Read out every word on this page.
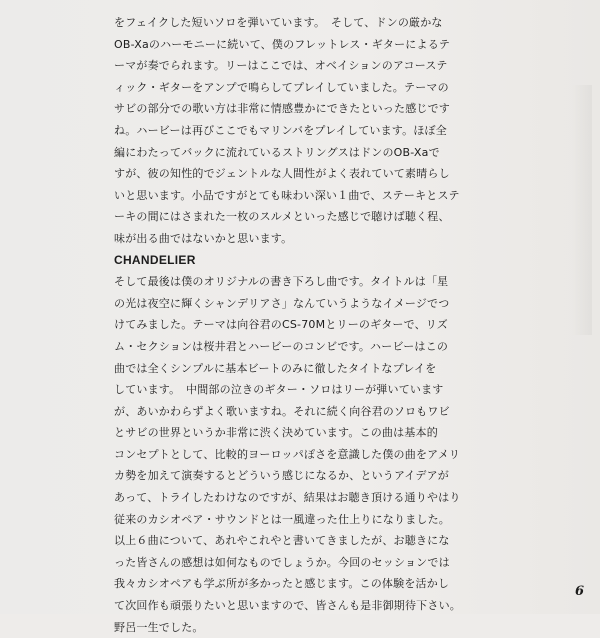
をフェイクした短いソロを弾いています。　そして、ドンの厳かな
OB-Xaのハーモニーに続いて、僕のフレットレス・ギターによるテ
ーマが奏でられます。リーはここでは、オベイションのアコーステ
ィック・ギターをアンプで鳴らしてプレイしていました。テーマの
サビの部分での歌い方は非常に情感豊かにできたといった感じです
ね。ハービーは再びここでもマリンバをプレイしています。ほぼ全
編にわたってバックに流れているストリングスはドンのOB-Xaで
すが、彼の知性的でジェントルな人間性がよく表れていて素晴らし
いと思います。小品ですがとても味わい深い１曲で、ステーキとステ
ーキの間にはさまれた一枚のスルメといった感じで聴けば聴く程、
味が出る曲ではないかと思います。

CHANDELIER

そして最後は僕のオリジナルの書き下ろし曲です。タイトルは「星
の光は夜空に輝くシャンデリアさ」なんていうようなイメージでつ
けてみました。テーマは向谷君のCS-70Mとリーのギターで、リズ
ム・セクションは桜井君とハービーのコンビです。ハービーはこの
曲では全くシンプルに基本ビートのみに徹したタイトなプレイを
しています。　中間部の泣きのギター・ソロはリーが弾いています
が、あいかわらずよく歌いますね。それに続く向谷君のソロもワビ
とサビの世界というか非常に渋く決めています。この曲は基本的
コンセプトとして、比較的ヨーロッパぽさを意識した僕の曲をアメリ
カ勢を加えて演奏するとどういう感じになるか、というアイデアが
あって、トライしたわけなのですが、結果はお聴き頂ける通りやはり
従来のカシオペア・サウンドとは一風違った仕上りになりました。
以上６曲について、あれやこれやと書いてきましたが、お聴きにな
った皆さんの感想は如何なものでしょうか。今回のセッションでは
我々カシオペアも学ぶ所が多かったと感じます。この体験を活かし
て次回作も頑張りたいと思いますので、皆さんも是非御期待下さい。
野呂一生でした。

6
